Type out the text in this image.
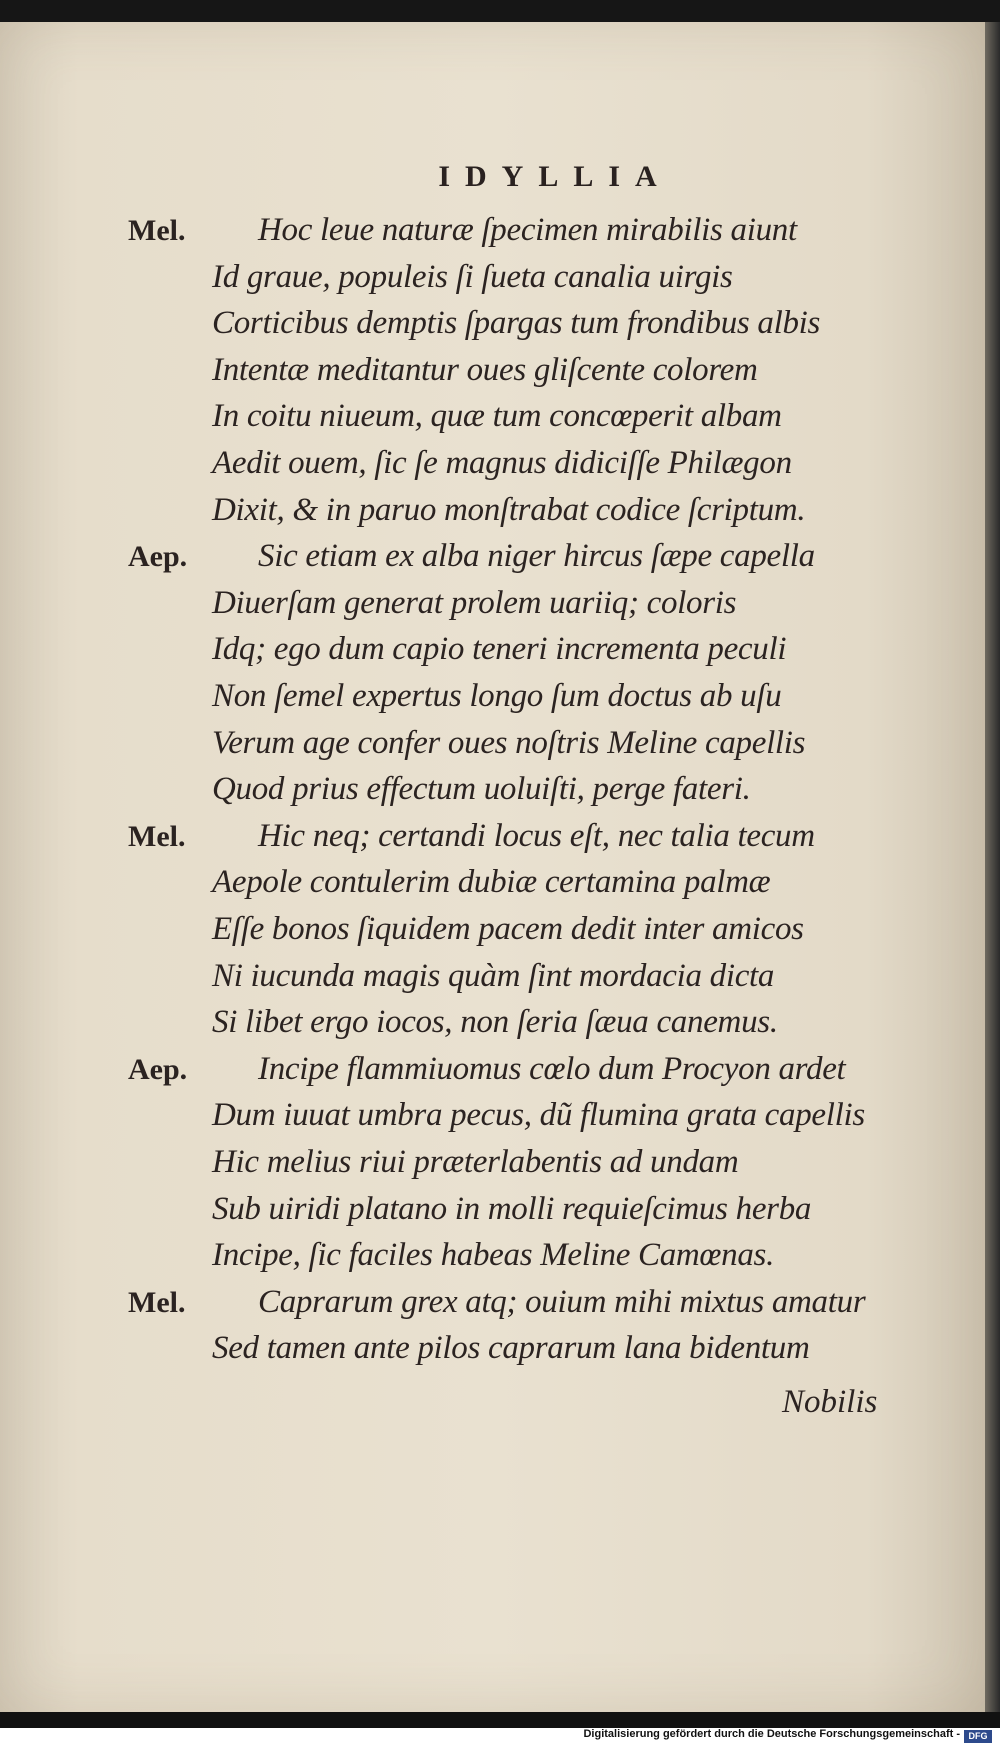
IDYLLIA
Mel. Hoc leue naturæ ſpecimen mirabilis aiunt
Id graue, populeis ſi ſueta canalia uirgis
Corticibus demptis ſpargas tum frondibus albis
Intentæ meditantur oues gliſcente colorem
In coitu niueum, quæ tum concœperit albam
Aedit ouem, ſic ſe magnus didiciſſe Philægon
Dixit, & in paruo monſtrabat codice ſcriptum.
Aep. Sic etiam ex alba niger hircus ſæpe capella
Diuerſam generat prolem uariiq; coloris
Idq; ego dum capio teneri incrementa peculi
Non ſemel expertus longo ſum doctus ab uſu
Verum age confer oues noſtris Meline capellis
Quod prius effectum uoluiſti, perge fateri.
Mel. Hic neq; certandi locus eſt, nec talia tecum
Aepole contulerim dubiæ certamina palmæ
Eſſe bonos ſiquidem pacem dedit inter amicos
Ni iucunda magis quàm ſint mordacia dicta
Si libet ergo iocos, non ſeria ſæua canemus.
Aep. Incipe flammiuomus cœlo dum Procyon ardet
Dum iuuat umbra pecus, dũ flumina grata capellis
Hic melius riui præterlabentis ad undam
Sub uiridi platano in molli requieſcimus herba
Incipe, ſic faciles habeas Meline Camœnas.
Mel. Caprarum grex atq; ouium mihi mixtus amatur
Sed tamen ante pilos caprarum lana bidentum
Nobilis
Digitalisierung gefördert durch die Deutsche Forschungsgemeinschaft - DFG
